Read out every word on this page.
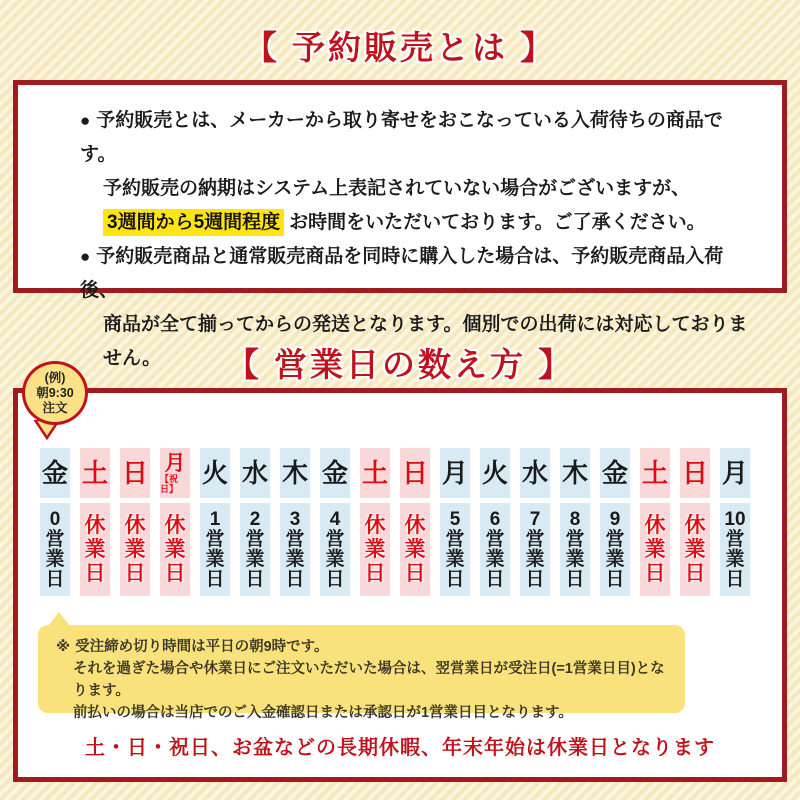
【 予約販売とは 】

● 予約販売とは、メーカーから取り寄せをおこなっている入荷待ちの商品です。

予約販売の納期はシステム上表記されていない場合がございますが、

3週間から5週間程度 お時間をいただいております。ご了承ください。

● 予約販売商品と通常販売商品を同時に購入した場合は、予約販売商品入荷後、

商品が全て揃ってからの発送となります。個別での出荷には対応しておりません。	【 営業日の数え方 】
(例)
朝9:30
注文
金
0
営
業
日
土
休
業
日
日
休
業
日
月
【祝日】
休
業
日
火
1
営
業
日
水
2
営
業
日
木
3
営
業
日
金
4
営
業
日
土
休
業
日
日
休
業
日
月
5
営
業
日
火
6
営
業
日
水
7
営
業
日
木
8
営
業
日
金
9
営
業
日
土
休
業
日
日
休
業
日
月
10
営
業
日

※ 受注締め切り時間は平日の朝9時です。

それを過ぎた場合や休業日にご注文いただいた場合は、翌営業日が受注日(=1営業日目)となります。

前払いの場合は当店でのご入金確認日または承認日が1営業日目となります。

土・日・祝日、お盆などの長期休暇、年末年始は休業日となります
